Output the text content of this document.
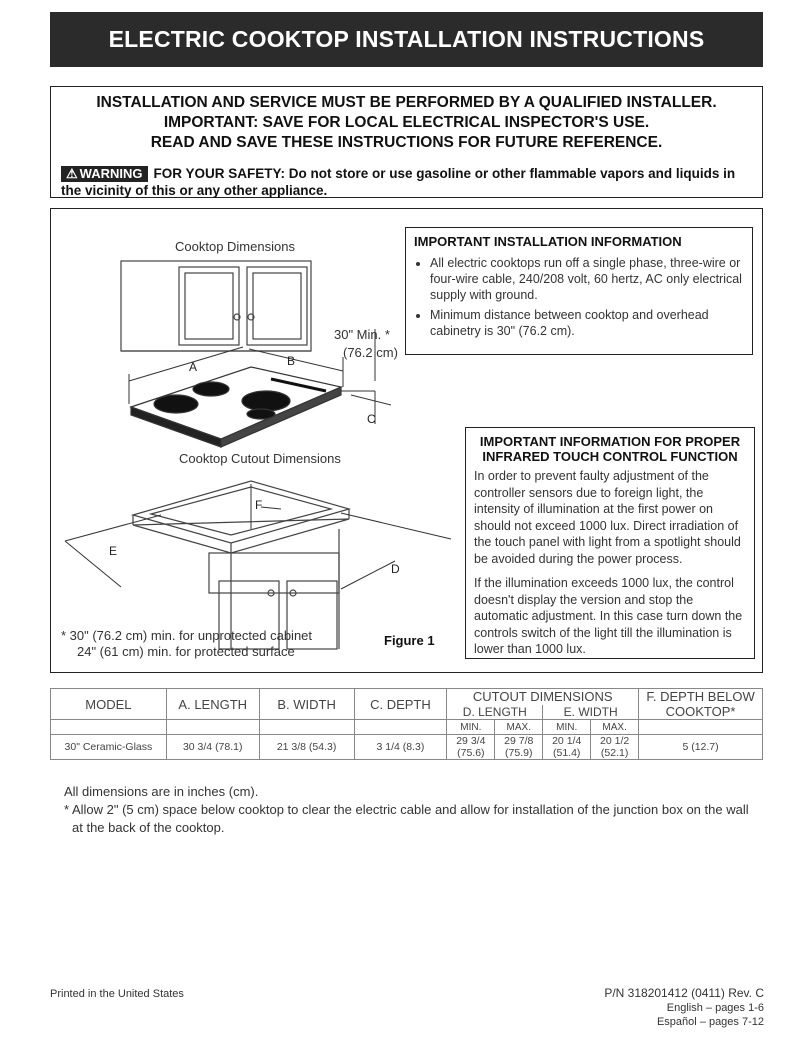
ELECTRIC COOKTOP INSTALLATION INSTRUCTIONS
INSTALLATION AND SERVICE MUST BE PERFORMED BY A QUALIFIED INSTALLER.
IMPORTANT: SAVE FOR LOCAL ELECTRICAL INSPECTOR'S USE.
READ AND SAVE THESE INSTRUCTIONS FOR FUTURE REFERENCE.
⚠ WARNING FOR YOUR SAFETY: Do not store or use gasoline or other flammable vapors and liquids in the vicinity of this or any other appliance.
Cooktop Dimensions
A	B
C
30" Min. *
(76.2 cm)
F
E
D
Cooktop Cutout Dimensions
* 30" (76.2 cm) min. for unprotected cabinet
24" (61 cm) min. for protected surface
Figure 1
IMPORTANT INSTALLATION INFORMATION
• All electric cooktops run off a single phase, three-wire or four-wire cable, 240/208 volt, 60 hertz, AC only electrical supply with ground.
• Minimum distance between cooktop and overhead cabinetry is 30" (76.2 cm).
IMPORTANT INFORMATION FOR PROPER
INFRARED TOUCH CONTROL FUNCTION

In order to prevent faulty adjustment of the controller sensors due to foreign light, the intensity of illumination at the first power on should not exceed 1000 lux. Direct irradiation of the touch panel with light from a spotlight should be avoided during the power process.

If the illumination exceeds 1000 lux, the control doesn't display the version and stop the automatic adjustment. In this case turn down the controls switch of the light till the illumination is lower than 1000 lux.

MODEL	A. LENGTH	B. WIDTH	C. DEPTH	CUTOUT DIMENSIONS				F. DEPTH BELOW COOKTOP*
				D. LENGTH		E. WIDTH		
				MIN.	MAX.	MIN.	MAX.	
30" Ceramic-Glass	30 3/4 (78.1)	21 3/8 (54.3)	3 1/4 (8.3)	29 3/4 (75.6)	29 7/8 (75.9)	20 1/4 (51.4)	20 1/2 (52.1)	5 (12.7)
All dimensions are in inches (cm).
* Allow 2" (5 cm) space below cooktop to clear the electric cable and allow for installation of the junction box on the wall at the back of the cooktop.
Printed in the United States	P/N 318201412 (0411) Rev. C
English – pages 1-6
Español – pages 7-12
